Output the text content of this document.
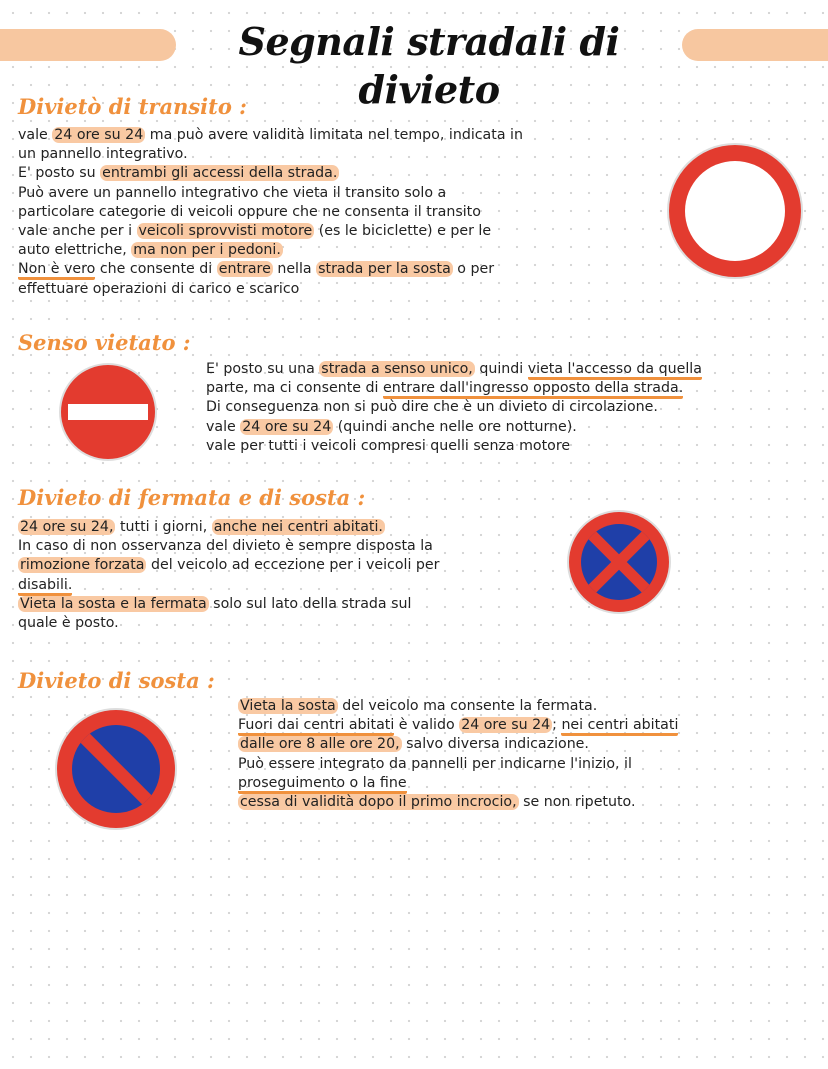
Segnali stradali di divieto
Divietò di transito :
vale 24 ore su 24 ma può avere validità limitata nel tempo, indicata in
un pannello integrativo.
E' posto su entrambi gli accessi della strada.
Può avere un pannello integrativo che vieta il transito solo a
particolare categorie di veicoli oppure che ne consenta il transito
vale anche per i veicoli sprovvisti motore (es le biciclette) e per le
auto elettriche, ma non per i pedoni.
Non è vero che consente di entrare nella strada per la sosta o per
effettuare operazioni di carico e scarico
Senso vietato :
E' posto su una strada a senso unico, quindi vieta l'accesso da quella
parte, ma ci consente di entrare dall'ingresso opposto della strada.
Di conseguenza non si può dire che è un divieto di circolazione.
vale 24 ore su 24 (quindi anche nelle ore notturne).
vale per tutti i veicoli compresi quelli senza motore
Divieto di fermata e di sosta :
24 ore su 24, tutti i giorni, anche nei centri abitati.
In caso di non osservanza del divieto è sempre disposta la
rimozione forzata del veicolo ad eccezione per i veicoli per
disabili.
Vieta la sosta e la fermata solo sul lato della strada sul
quale è posto.
Divieto di sosta :
Vieta la sosta del veicolo ma consente la fermata.
Fuori dai centri abitati è valido 24 ore su 24 ; nei centri abitati
dalle ore 8 alle ore 20, salvo diversa indicazione.
Può essere integrato da pannelli per indicarne l'inizio, il
proseguimento o la fine
cessa di validità dopo il primo incrocio, se non ripetuto.
